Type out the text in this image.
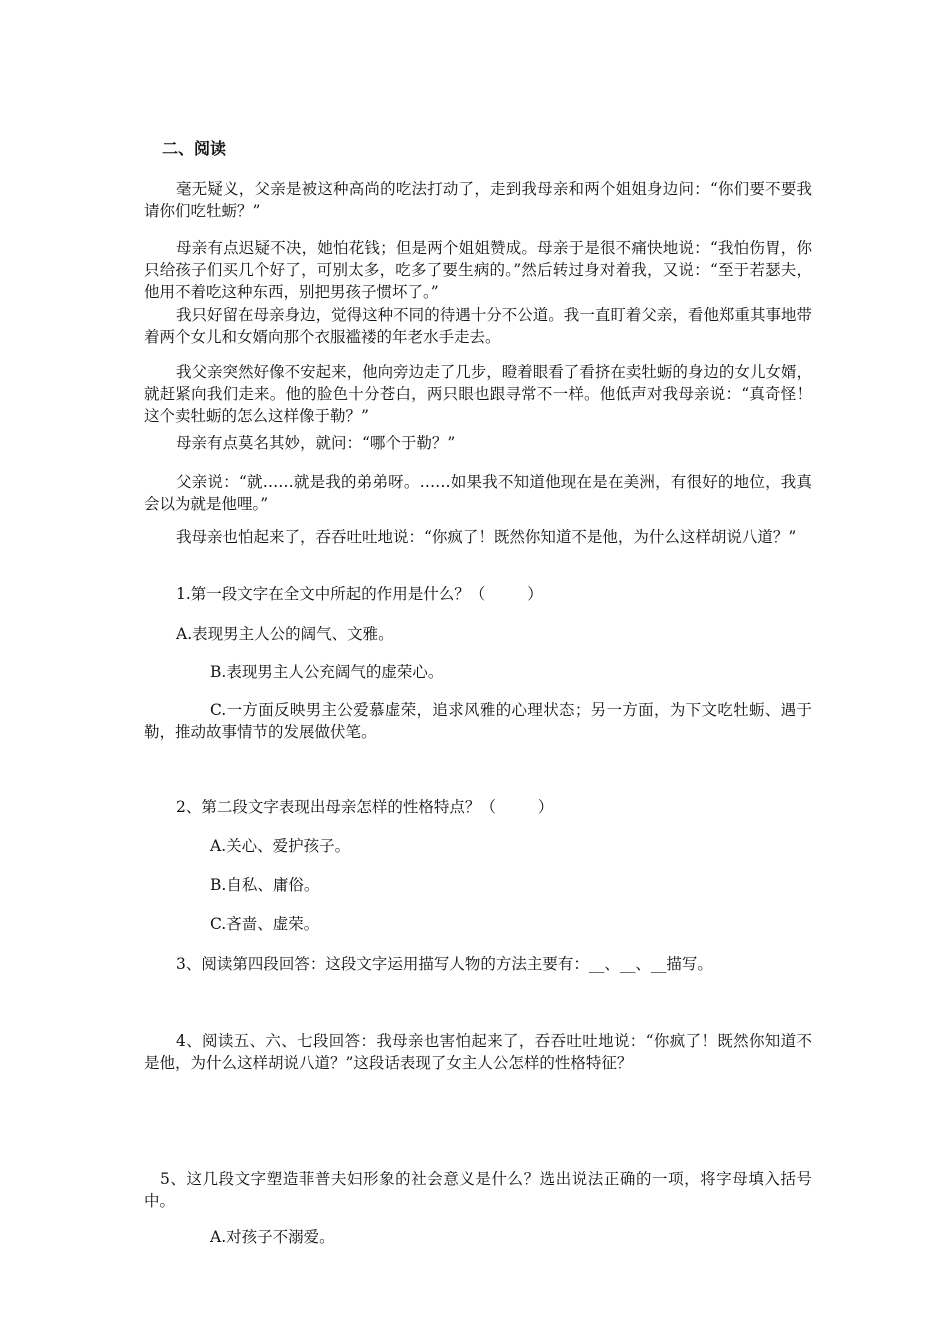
二、阅读

毫无疑义，父亲是被这种高尚的吃法打动了，走到我母亲和两个姐姐身边问：“你们要不要我请你们吃牡蛎？”

母亲有点迟疑不决，她怕花钱；但是两个姐姐赞成。母亲于是很不痛快地说：“我怕伤胃，你只给孩子们买几个好了，可别太多，吃多了要生病的。”然后转过身对着我，又说：“至于若瑟夫，他用不着吃这种东西，别把男孩子惯坏了。”

我只好留在母亲身边，觉得这种不同的待遇十分不公道。我一直盯着父亲，看他郑重其事地带着两个女儿和女婿向那个衣服褴褛的年老水手走去。

我父亲突然好像不安起来，他向旁边走了几步，瞪着眼看了看挤在卖牡蛎的身边的女儿女婿，就赶紧向我们走来。他的脸色十分苍白，两只眼也跟寻常不一样。他低声对我母亲说：“真奇怪！这个卖牡蛎的怎么这样像于勒？”

母亲有点莫名其妙，就问：“哪个于勒？”

父亲说：“就……就是我的弟弟呀。……如果我不知道他现在是在美洲，有很好的地位，我真会以为就是他哩。”

我母亲也怕起来了，吞吞吐吐地说：“你疯了！既然你知道不是他，为什么这样胡说八道？”

1.第一段文字在全文中所起的作用是什么？（	）
A.表现男主人公的阔气、文雅。
B.表现男主人公充阔气的虚荣心。

C.一方面反映男主公爱慕虚荣，追求风雅的心理状态；另一方面，为下文吃牡蛎、遇于勒，推动故事情节的发展做伏笔。

2、第二段文字表现出母亲怎样的性格特点？（	）
A.关心、爱护孩子。
B.自私、庸俗。
C.吝啬、虚荣。
3、阅读第四段回答：这段文字运用描写人物的方法主要有：__、__、__描写。

4、阅读五、六、七段回答：我母亲也害怕起来了，吞吞吐吐地说：“你疯了！既然你知道不是他，为什么这样胡说八道？”这段话表现了女主人公怎样的性格特征？

5、这几段文字塑造菲普夫妇形象的社会意义是什么？选出说法正确的一项，将字母填入括号中。

A.对孩子不溺爱。
